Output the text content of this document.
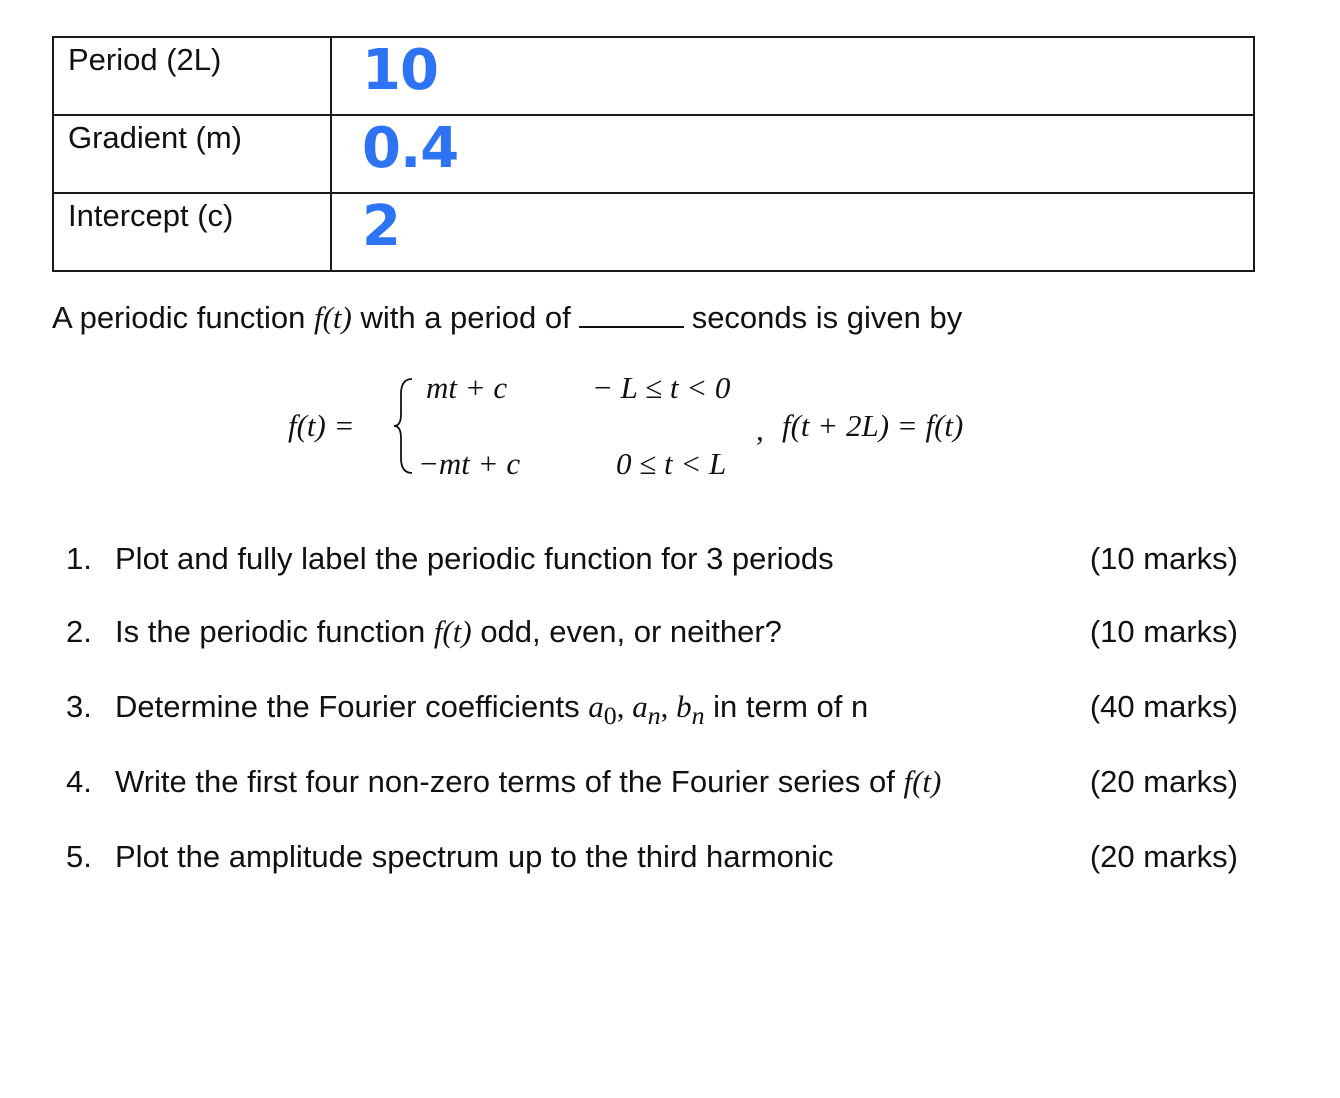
Period (2L)	10

Gradient (m)	0.4

Intercept (c)	2
A periodic function f(t) with a period of	seconds is given by
f(t) =
mt + c	− L ≤ t < 0
−mt + c	0 ≤ t < L
, f(t + 2L) = f(t)
1. Plot and fully label the periodic function for 3 periods	(10 marks)
2. Is the periodic function f(t) odd, even, or neither?	(10 marks)
3. Determine the Fourier coefficients $a_0$, $a_n$, $b_n$ in term of n	(40 marks)
4. Write the first four non-zero terms of the Fourier series of f(t)	(20 marks)
5. Plot the amplitude spectrum up to the third harmonic	(20 marks)
